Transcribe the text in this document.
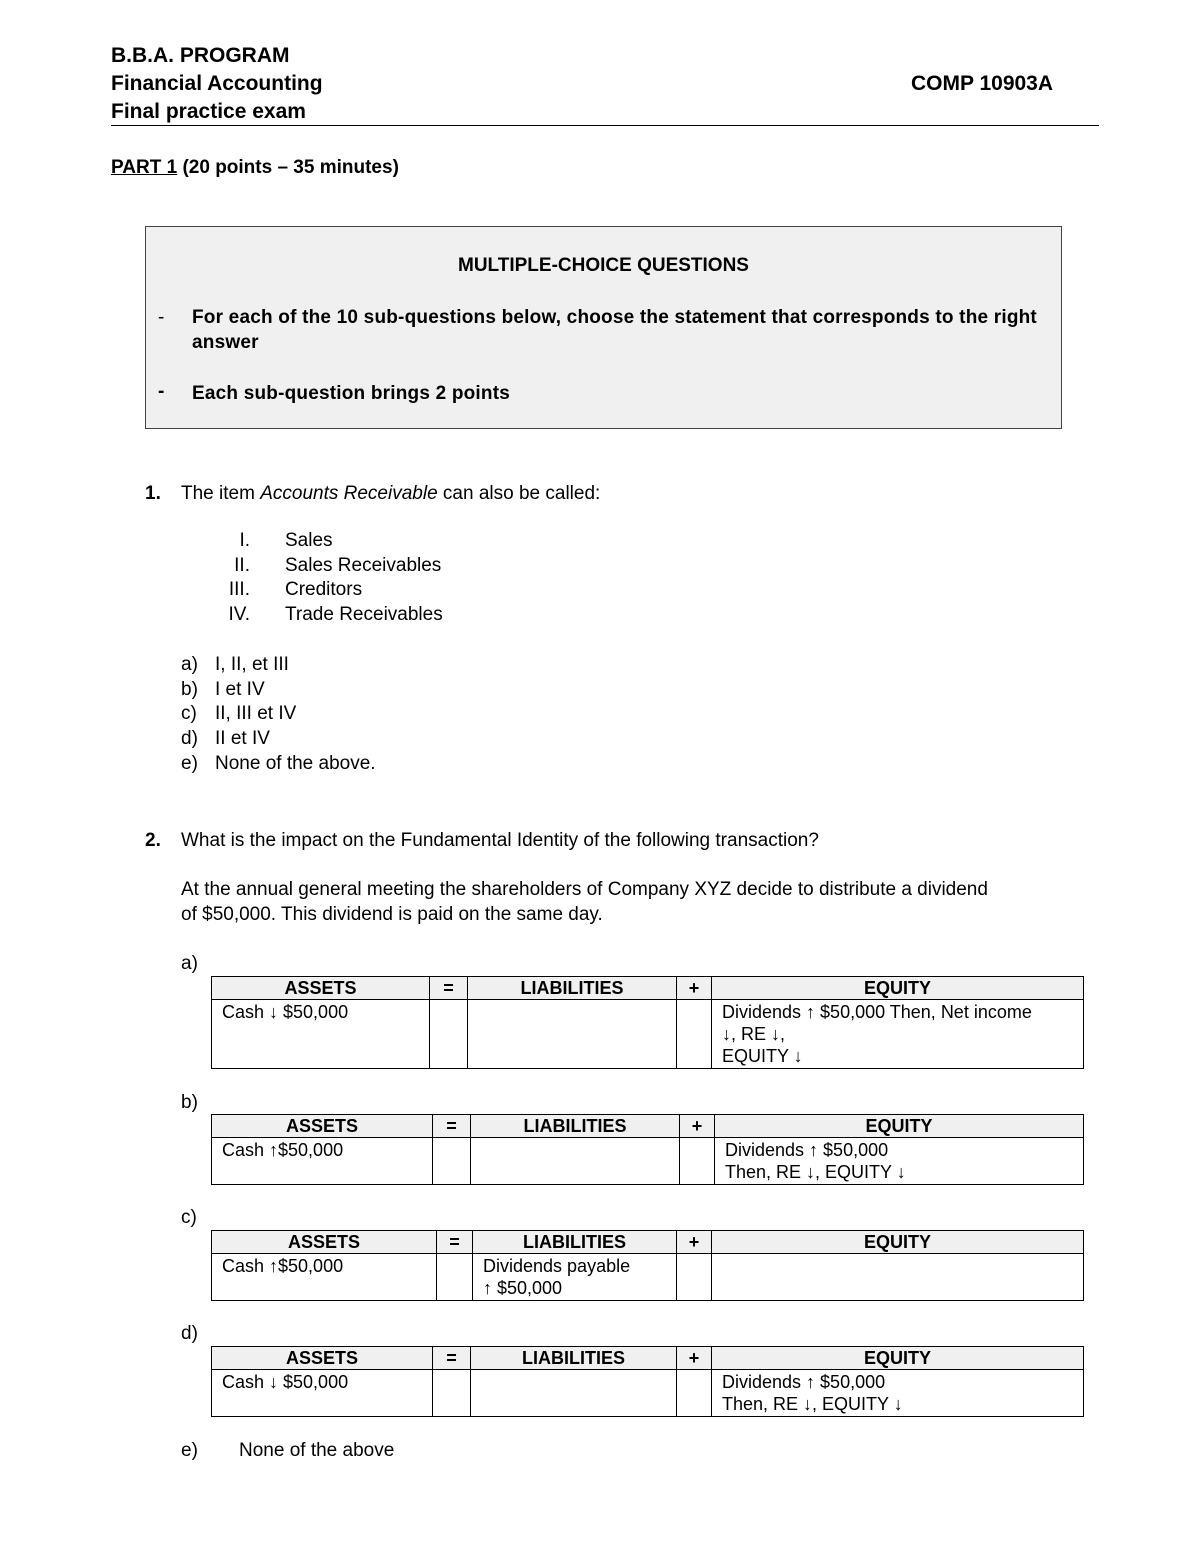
B.B.A. PROGRAM
Financial Accounting	COMP 10903A
Final practice exam
PART 1 (20 points – 35 minutes)
MULTIPLE-CHOICE QUESTIONS
- For each of the 10 sub-questions below, choose the statement that corresponds to the right answer
- Each sub-question brings 2 points
1. The item Accounts Receivable can also be called:
I. Sales
II. Sales Receivables
III. Creditors
IV. Trade Receivables
a) I, II, et III
b) I et IV
c) II, III et IV
d) II et IV
e) None of the above.
2. What is the impact on the Fundamental Identity of the following transaction?
At the annual general meeting the shareholders of Company XYZ decide to distribute a dividend
of $50,000. This dividend is paid on the same day.
a)
ASSETS	=	LIABILITIES	+	EQUITY
Cash ↓ $50,000				Dividends ↑ $50,000 Then, Net income
↓, RE ↓,
EQUITY ↓
b)
ASSETS	=	LIABILITIES	+	EQUITY
Cash ↑$50,000				Dividends ↑ $50,000
Then, RE ↓, EQUITY ↓
c)
ASSETS	=	LIABILITIES	+	EQUITY
Cash ↑$50,000		Dividends payable
↑ $50,000		

d)
ASSETS	=	LIABILITIES	+	EQUITY
Cash ↓ $50,000				Dividends ↑ $50,000
Then, RE ↓, EQUITY ↓
e) None of the above
